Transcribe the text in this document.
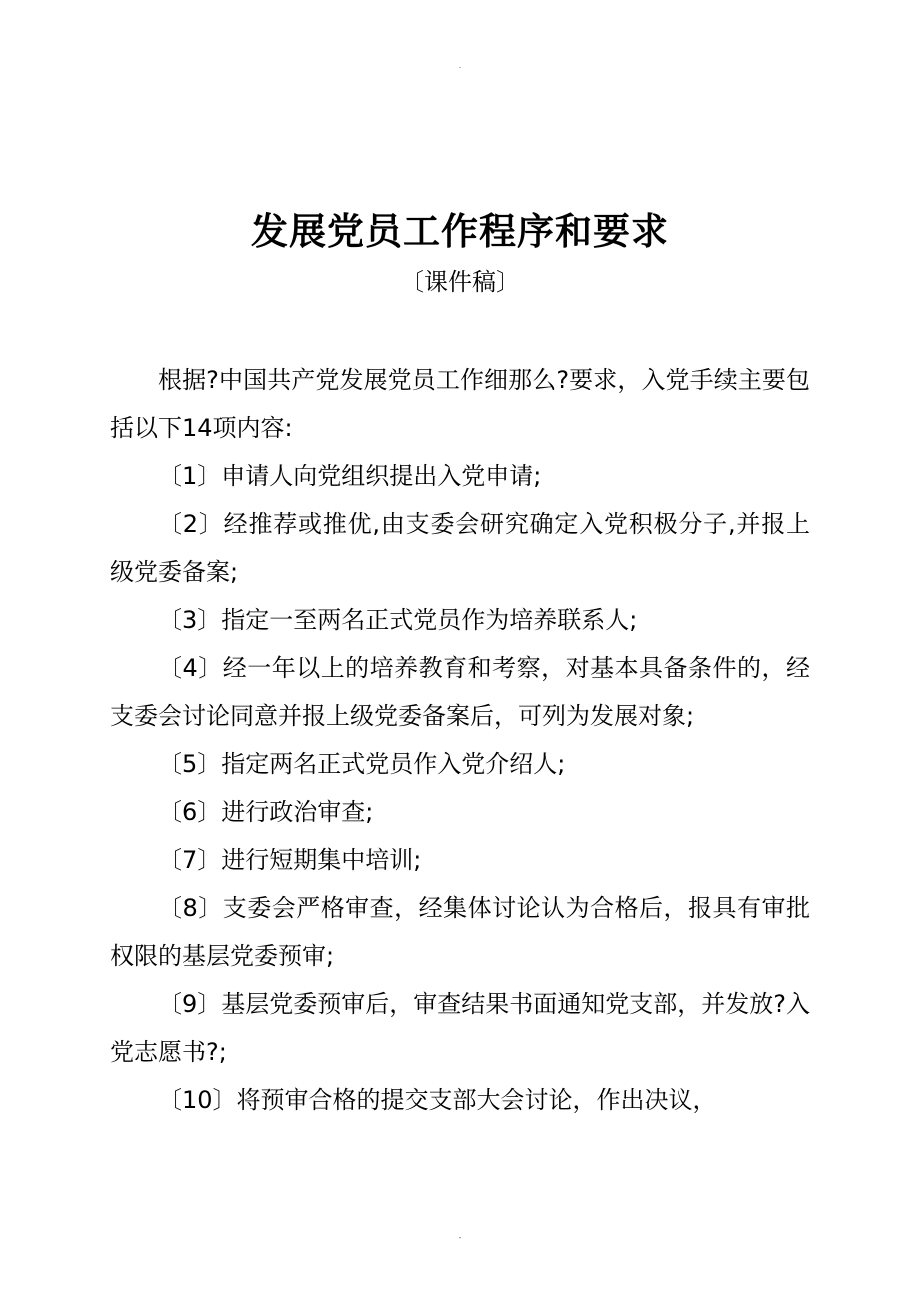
.
发展党员工作程序和要求
〔课件稿〕

根据?中国共产党发展党员工作细那么?要求，入党手续主要包括以下14项内容:

〔1〕申请人向党组织提出入党申请;

〔2〕经推荐或推优,由支委会研究确定入党积极分子,并报上级党委备案;

〔3〕指定一至两名正式党员作为培养联系人;

〔4〕经一年以上的培养教育和考察，对基本具备条件的，经支委会讨论同意并报上级党委备案后，可列为发展对象;

〔5〕指定两名正式党员作入党介绍人;

〔6〕进行政治审查;

〔7〕进行短期集中培训;

〔8〕支委会严格审查，经集体讨论认为合格后，报具有审批权限的基层党委预审;

〔9〕基层党委预审后，审查结果书面通知党支部，并发放?入党志愿书?;

〔10〕将预审合格的提交支部大会讨论，作出决议，

-
